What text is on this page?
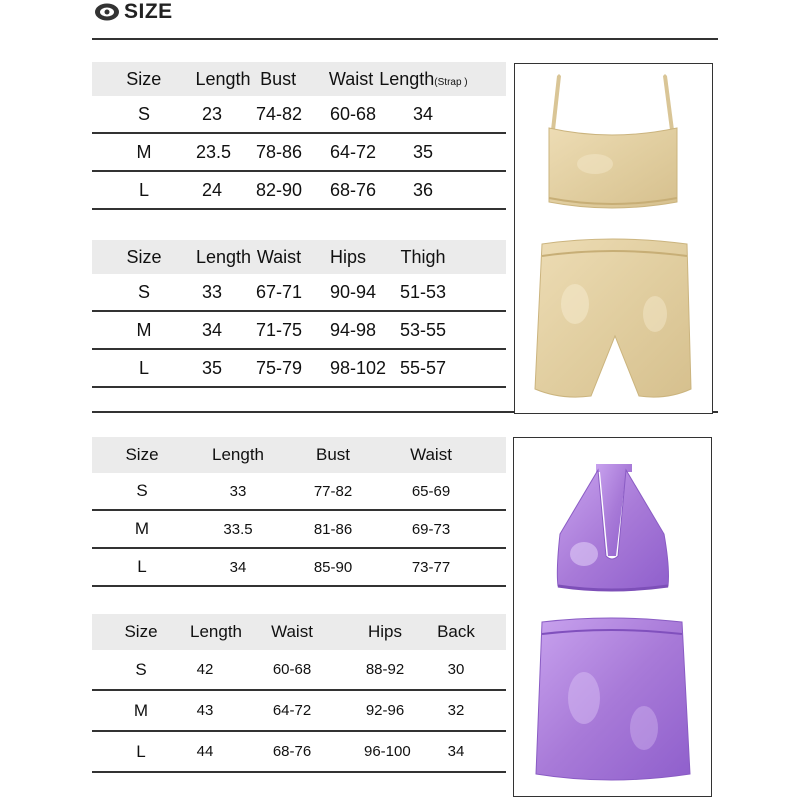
SIZE
Size	Length Bust	Waist Length(Strap )
S	23	74-82	60-68	34
M	23.5	78-86	64-72	35
L	24	82-90	68-76	36
Size	Length Waist	Hips	Thigh
S	33	67-71	90-94	51-53
M	34	71-75	94-98	53-55
L	35	75-79	98-102 55-57
Size	Length	Bust	Waist
S	33	77-82	65-69
M	33.5	81-86	69-73
L	34	85-90	73-77
Size	Length	Waist	Hips	Back
S	42	60-68	88-92	30
M	43	64-72	92-96	32
L	44	68-76	96-100	34
